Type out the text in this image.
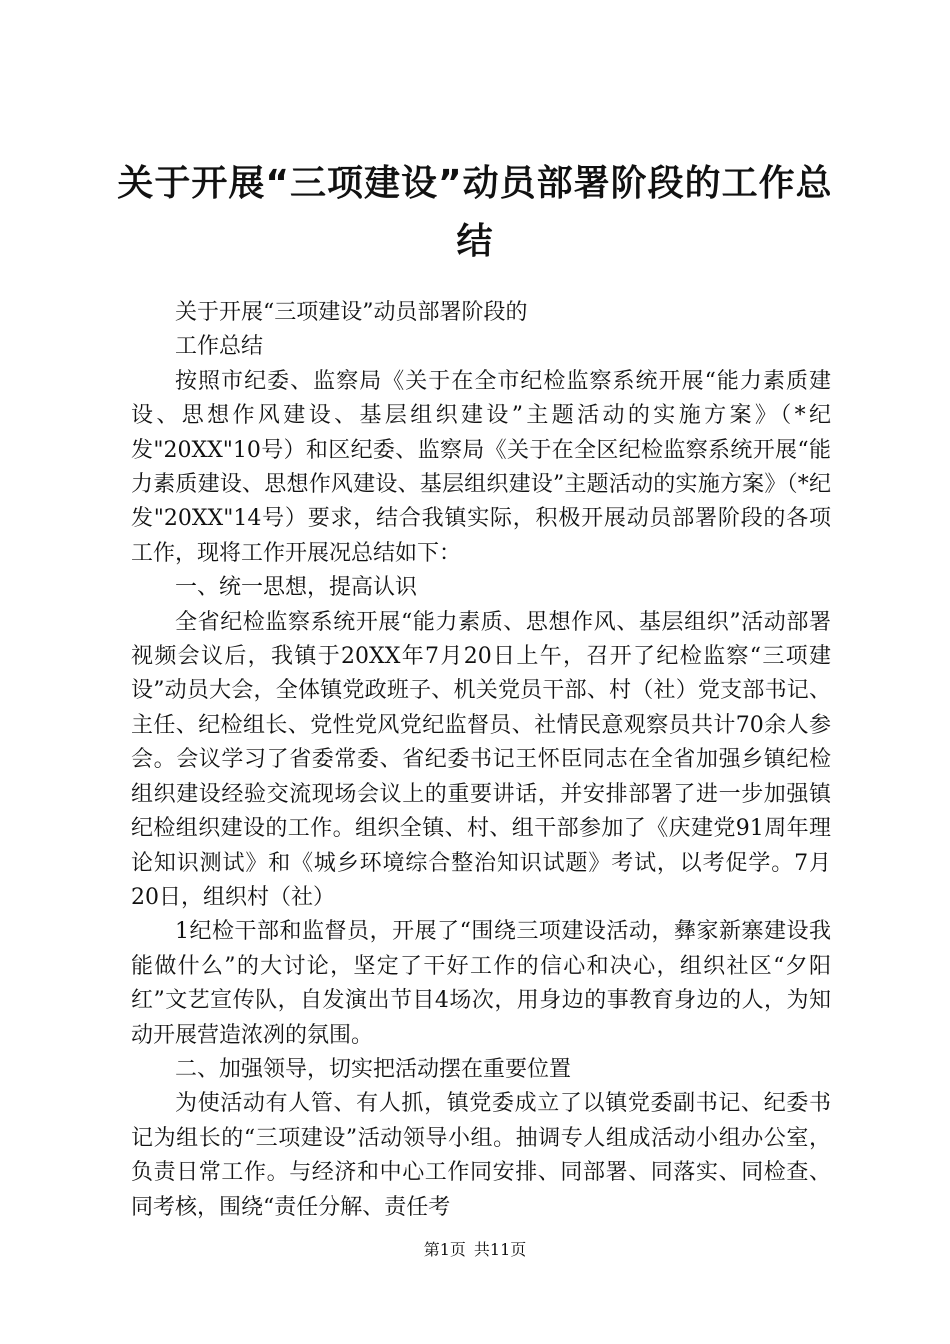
关于开展“三项建设”动员部署阶段的工作总
结

关于开展“三项建设”动员部署阶段的

工作总结

按照市纪委、监察局《关于在全市纪检监察系统开展“能力素质建设、思想作风建设、基层组织建设”主题活动的实施方案》（*纪发"20XX"10号）和区纪委、监察局《关于在全区纪检监察系统开展“能力素质建设、思想作风建设、基层组织建设”主题活动的实施方案》（*纪发"20XX"14号）要求，结合我镇实际，积极开展动员部署阶段的各项工作，现将工作开展况总结如下：

一、统一思想，提高认识

全省纪检监察系统开展“能力素质、思想作风、基层组织”活动部署视频会议后，我镇于20XX年7月20日上午，召开了纪检监察“三项建设”动员大会，全体镇党政班子、机关党员干部、村（社）党支部书记、主任、纪检组长、党性党风党纪监督员、社情民意观察员共计70余人参会。会议学习了省委常委、省纪委书记王怀臣同志在全省加强乡镇纪检组织建设经验交流现场会议上的重要讲话，并安排部署了进一步加强镇纪检组织建设的工作。组织全镇、村、组干部参加了《庆建党91周年理论知识测试》和《城乡环境综合整治知识试题》考试，以考促学。7月20日，组织村（社）

1纪检干部和监督员，开展了“围绕三项建设活动，彝家新寨建设我能做什么”的大讨论，坚定了干好工作的信心和决心，组织社区“夕阳红”文艺宣传队，自发演出节目4场次，用身边的事教育身边的人，为知动开展营造浓冽的氛围。

二、加强领导，切实把活动摆在重要位置

为使活动有人管、有人抓，镇党委成立了以镇党委副书记、纪委书记为组长的“三项建设”活动领导小组。抽调专人组成活动小组办公室，负责日常工作。与经济和中心工作同安排、同部署、同落实、同检查、同考核，围绕“责任分解、责任考

第1页 共11页
